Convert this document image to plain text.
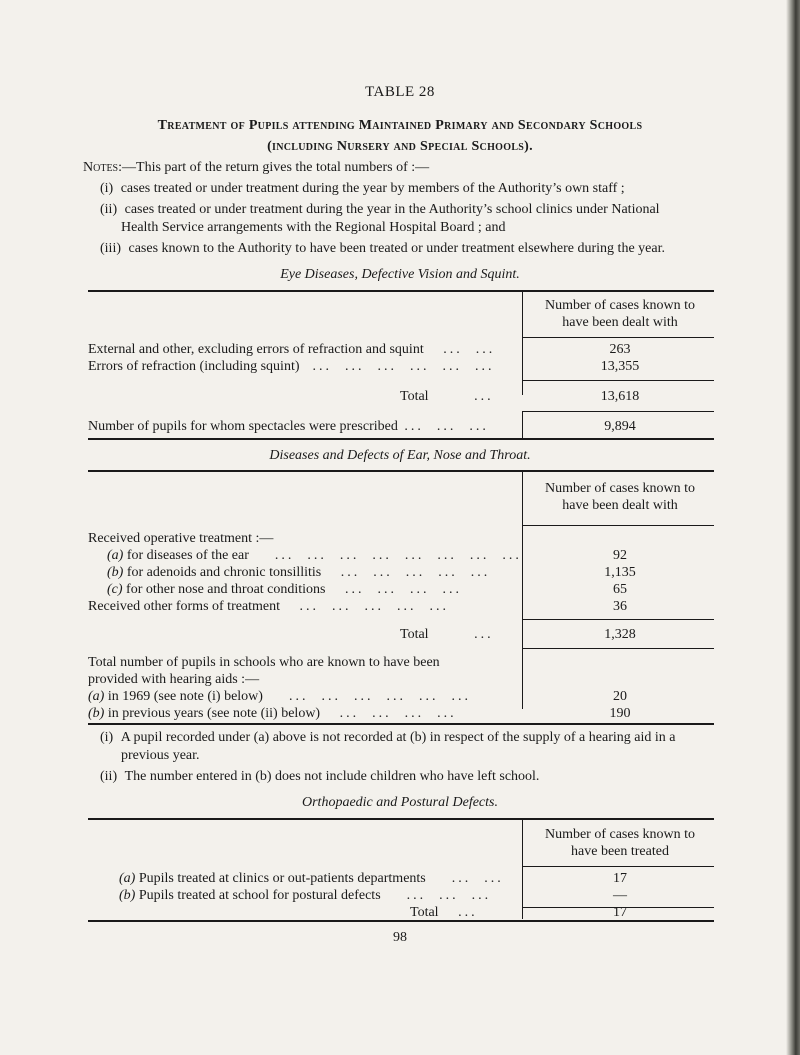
TABLE 28
Treatment of Pupils attending Maintained Primary and Secondary Schools
(including Nursery and Special Schools).
Notes:—This part of the return gives the total numbers of :—
(i) cases treated or under treatment during the year by members of the Authority’s own staff ;
(ii) cases treated or under treatment during the year in the Authority’s school clinics under National
Health Service arrangements with the Regional Hospital Board ; and
(iii) cases known to the Authority to have been treated or under treatment elsewhere during the year.
Eye Diseases, Defective Vision and Squint.
Number of cases known to
have been dealt with
External and other, excluding errors of refraction and squint   ...  ...	263
Errors of refraction (including squint)  ...  ...  ...  ...  ...  ...	13,355
Total       ...	13,618
Number of pupils for whom spectacles were prescribed ...  ...  ...	9,894
Diseases and Defects of Ear, Nose and Throat.
Number of cases known to
have been dealt with
Received operative treatment :—
(a) for diseases of the ear    ...  ...  ...  ...  ...  ...  ...  ...	92
(b) for adenoids and chronic tonsillitis   ...  ...  ...  ...  ...	1,135
(c) for other nose and throat conditions   ...  ...  ...  ...	65
Received other forms of treatment   ...  ...  ...  ...  ...	36
Total       ...	1,328
Total number of pupils in schools who are known to have been
provided with hearing aids :—
(a) in 1969 (see note (i) below)    ...  ...  ...  ...  ...  ...	20
(b) in previous years (see note (ii) below)   ...  ...  ...  ...	190
(i) A pupil recorded under (a) above is not recorded at (b) in respect of the supply of a hearing aid in a
previous year.
(ii) The number entered in (b) does not include children who have left school.
Orthopaedic and Postural Defects.
Number of cases known to
have been treated
(a) Pupils treated at clinics or out-patients departments    ...  ...	17
(b) Pupils treated at school for postural defects    ...  ...  ...	—
Total   ...	17
98
